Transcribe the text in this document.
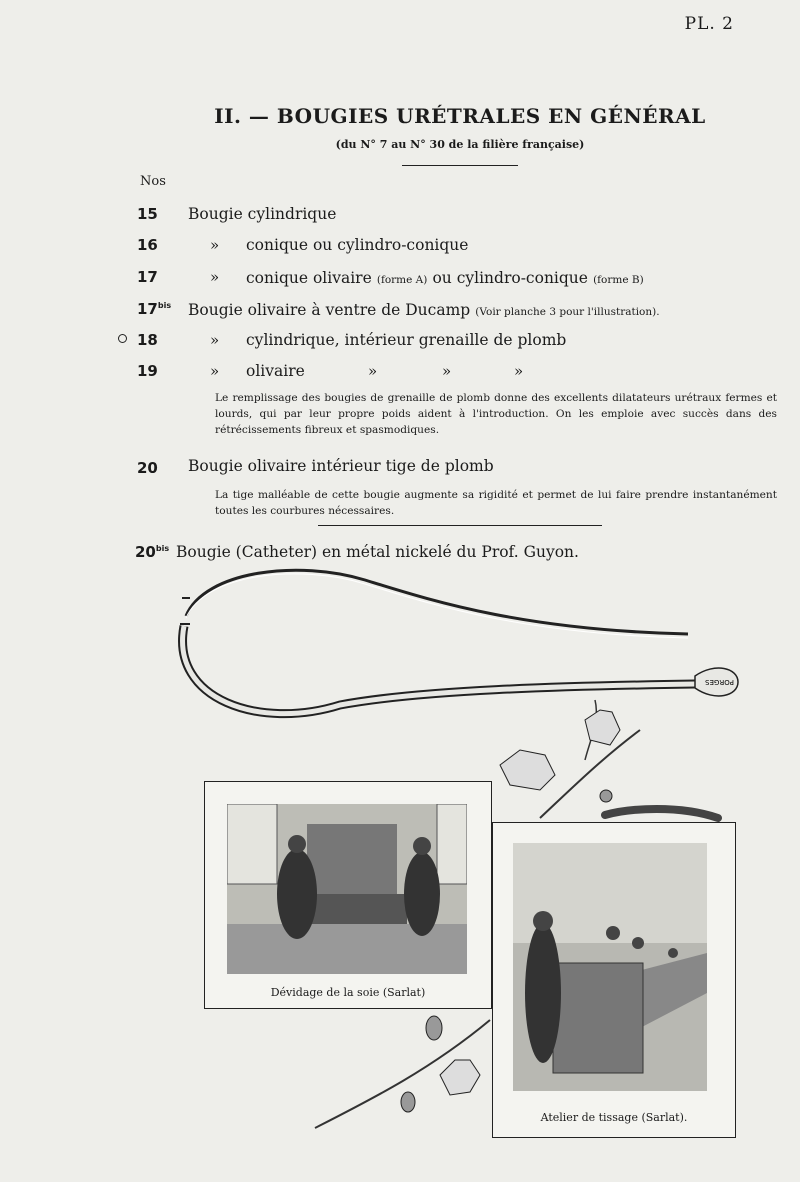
PL. 2
II. — BOUGIES URÉTRALES EN GÉNÉRAL
(du N° 7 au N° 30 de la filière française)
Nos
15 Bougie cylindrique
16	» conique ou cylindro-conique
17	» conique olivaire (forme A) ou cylindro-conique (forme B)
$17^{bis}$ Bougie olivaire à ventre de Ducamp (Voir planche 3 pour l'illustration).
18	» cylindrique, intérieur grenaille de plomb
19	» olivaire	»	»	»
Le remplissage des bougies de grenaille de plomb donne des excellents dilatateurs urétraux fermes et lourds, qui par leur propre poids aident à l'introduction. On les emploie avec succès dans des rétrécissements fibreux et spasmodiques.
20 Bougie olivaire intérieur tige de plomb
La tige malléable de cette bougie augmente sa rigidité et permet de lui faire prendre instantanément toutes les courbures nécessaires.
$20^{bis}$ Bougie (Catheter) en métal nickelé du Prof. Guyon.
PORGES
Dévidage de la soie (Sarlat)
Atelier de tissage (Sarlat).
